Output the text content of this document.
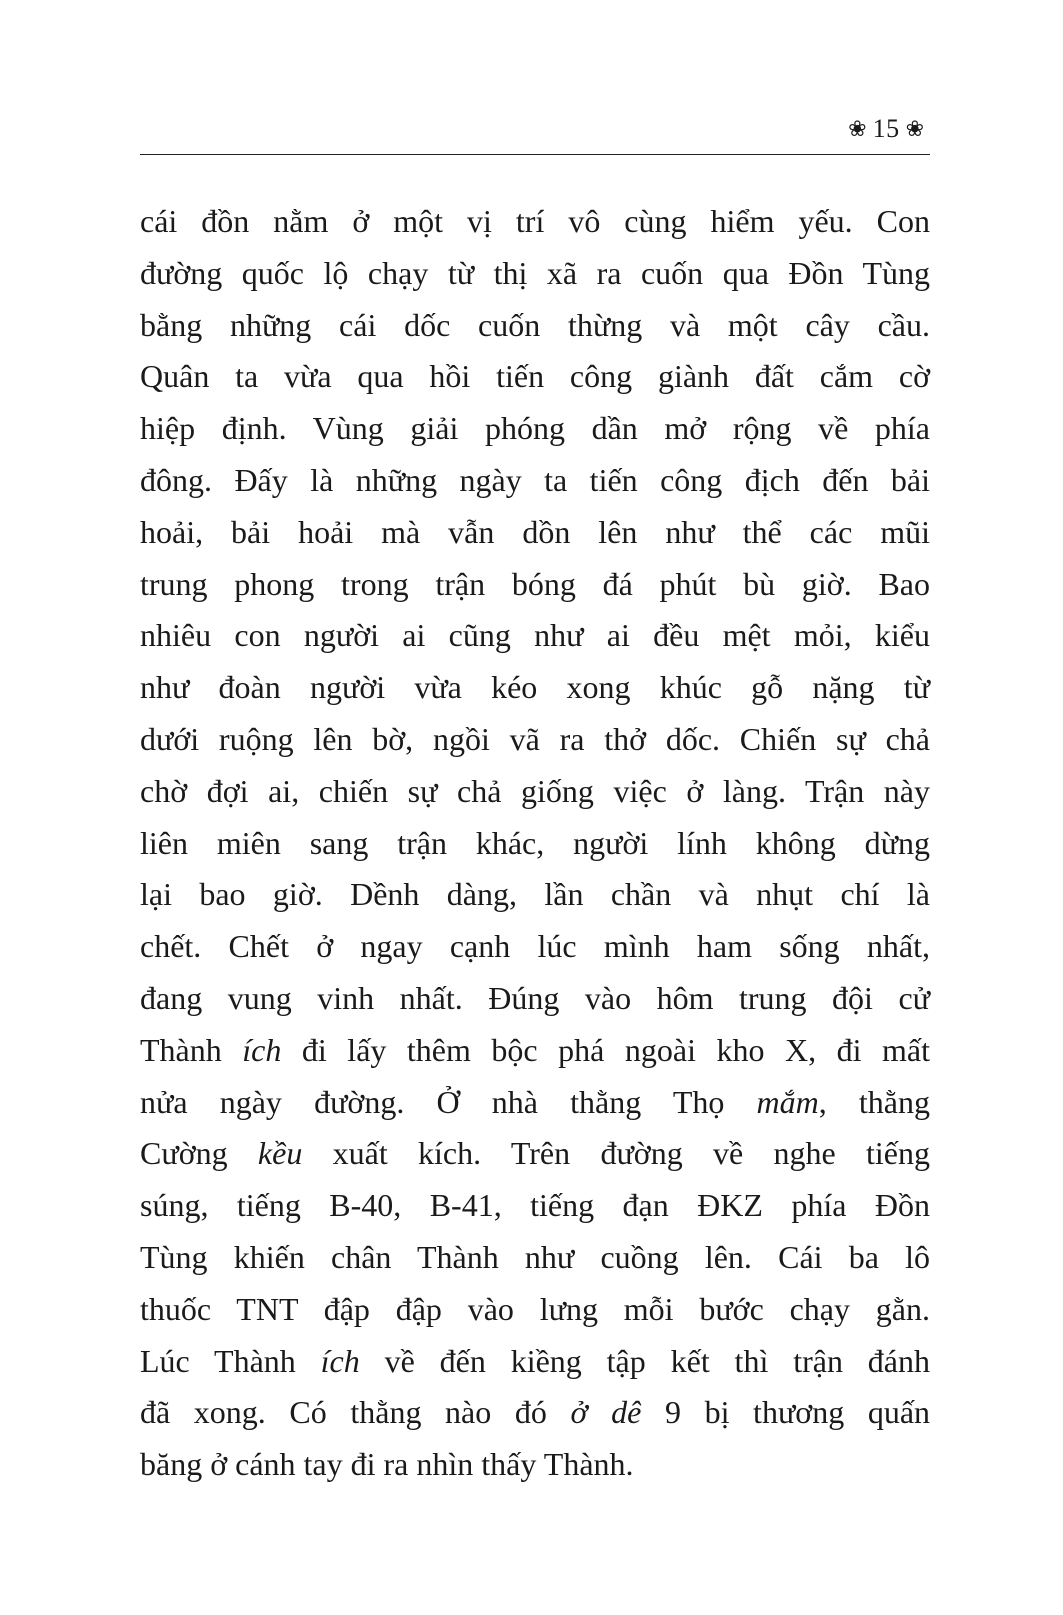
❀ 15 ❀
cái đồn nằm ở một vị trí vô cùng hiểm yếu. Con
đường quốc lộ chạy từ thị xã ra cuốn qua Đồn Tùng
bằng những cái dốc cuốn thừng và một cây cầu.
Quân ta vừa qua hồi tiến công giành đất cắm cờ
hiệp định. Vùng giải phóng dần mở rộng về phía
đông. Đấy là những ngày ta tiến công địch đến bải
hoải, bải hoải mà vẫn dồn lên như thể các mũi
trung phong trong trận bóng đá phút bù giờ. Bao
nhiêu con người ai cũng như ai đều mệt mỏi, kiểu
như đoàn người vừa kéo xong khúc gỗ nặng từ
dưới ruộng lên bờ, ngồi vã ra thở dốc. Chiến sự chả
chờ đợi ai, chiến sự chả giống việc ở làng. Trận này
liên miên sang trận khác, người lính không dừng
lại bao giờ. Dềnh dàng, lần chần và nhụt chí là
chết. Chết ở ngay cạnh lúc mình ham sống nhất,
đang vung vinh nhất. Đúng vào hôm trung đội cử
Thành ích đi lấy thêm bộc phá ngoài kho X, đi mất
nửa ngày đường. Ở nhà thằng Thọ mắm, thằng
Cường kều xuất kích. Trên đường về nghe tiếng
súng, tiếng B-40, B-41, tiếng đạn ĐKZ phía Đồn
Tùng khiến chân Thành như cuồng lên. Cái ba lô
thuốc TNT đập đập vào lưng mỗi bước chạy gằn.
Lúc Thành ích về đến kiềng tập kết thì trận đánh
đã xong. Có thằng nào đó ở dê 9 bị thương quấn
băng ở cánh tay đi ra nhìn thấy Thành.
